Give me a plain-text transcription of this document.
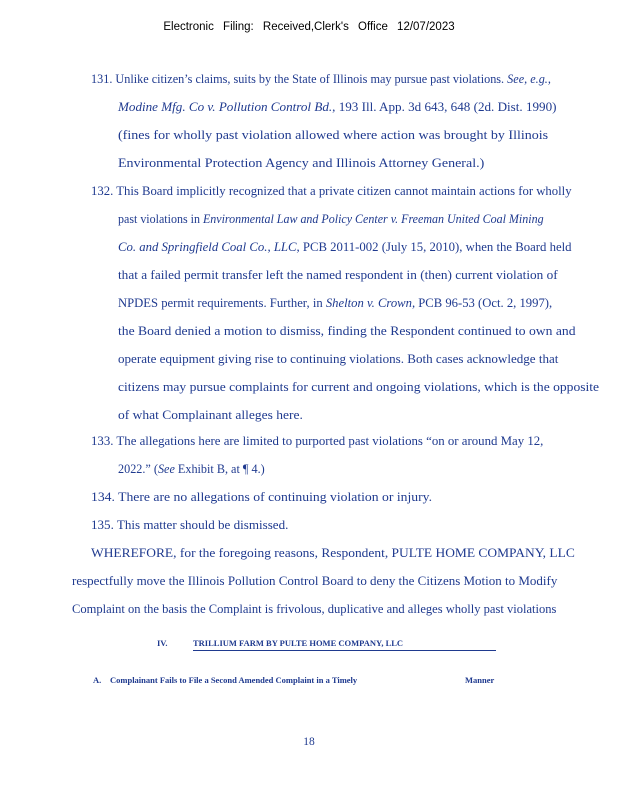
Electronic Filing: Received,Clerk's Office 12/07/2023
131. Unlike citizen’s claims, suits by the State of Illinois may pursue past violations. See, e.g.,
Modine Mfg. Co v. Pollution Control Bd., 193 Ill. App. 3d 643, 648 (2d. Dist. 1990)
(fines for wholly past violation allowed where action was brought by Illinois
Environmental Protection Agency and Illinois Attorney General.)
132. This Board implicitly recognized that a private citizen cannot maintain actions for wholly
past violations in Environmental Law and Policy Center v. Freeman United Coal Mining
Co. and Springfield Coal Co., LLC, PCB 2011-002 (July 15, 2010), when the Board held
that a failed permit transfer left the named respondent in (then) current violation of
NPDES permit requirements. Further, in Shelton v. Crown, PCB 96-53 (Oct. 2, 1997),
the Board denied a motion to dismiss, finding the Respondent continued to own and
operate equipment giving rise to continuing violations. Both cases acknowledge that
citizens may pursue complaints for current and ongoing violations, which is the opposite
of what Complainant alleges here.
133. The allegations here are limited to purported past violations “on or around May 12,
2022.” (See Exhibit B, at ¶ 4.)
134. There are no allegations of continuing violation or injury.
135. This matter should be dismissed.
WHEREFORE, for the foregoing reasons, Respondent, PULTE HOME COMPANY, LLC
respectfully move the Illinois Pollution Control Board to deny the Citizens Motion to Modify
Complaint on the basis the Complaint is frivolous, duplicative and alleges wholly past violations
IV.	TRILLIUM FARM BY PULTE HOME COMPANY, LLC
A. Complainant Fails to File a Second Amended Complaint in a Timely	Manner
18
